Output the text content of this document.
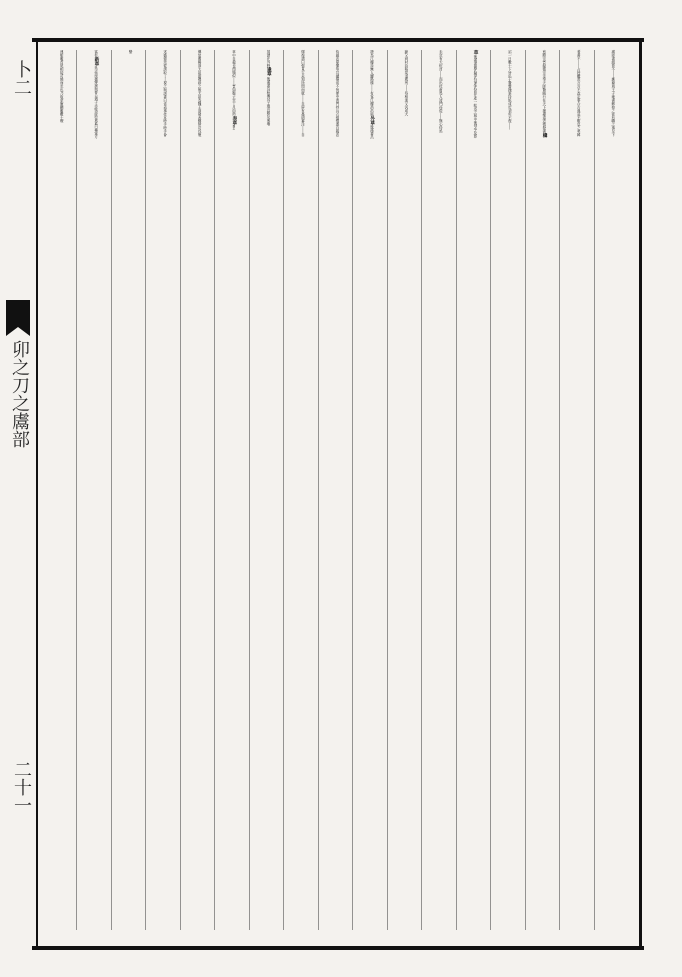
卜二
卯之刀之鬳部
二十一
溺即書絹曾不丨丨應璩與王子雍書鄉校之徒有職之事足下
著書不丨丨占授數萬言言不改定事合古典莫不歎息之矣韓
愈順宗實録德宗幸奉天陸贄隨行在天下搔擾遠近徵發書
檮
詔一日數十下皆出于贄贄操筆持紙成於須臾不復丨丨
草
後漢書竇武傳武母產武而并產一蛇送之林中後母卒及葬
未窆有大蛇自丨丨而出杜甫畏人詩門徑從丨丨無心待馬
蹄又到村詩稻粱須就列丨丨每相迷又汎成大
捷為江樓詩無人驛路榛丨丨有客江樓浩浩風
外草
後漢書呂
侍趙忠夏惲等共搆强帝不悅使中黄門持兵召强强遂自殺忠
惲復譖曰强見召未知所問而就丨丨自屏有姦明審注丨丨自
屏謂在外野
逢草
後漢書烏桓傳其土地宜穄及東墻
草中自殺也
西墻似丨丨實如穄子至十月而熟
表草
魏志
傳嘗薦楊訓太祖即禮辟之後太祖為魏王訓發表稱贊功伐褒
述盛德琰從訓取丨丨視之與訓書曰省表事佳耳時乎時乎會
變
當有
新草
吳志周瑜傳瑜與曹公遇于赤壁部將黄蓋曰操軍方
連船艦首尾相接可燒而走也乃取蒙衝鬭艦數十艘
